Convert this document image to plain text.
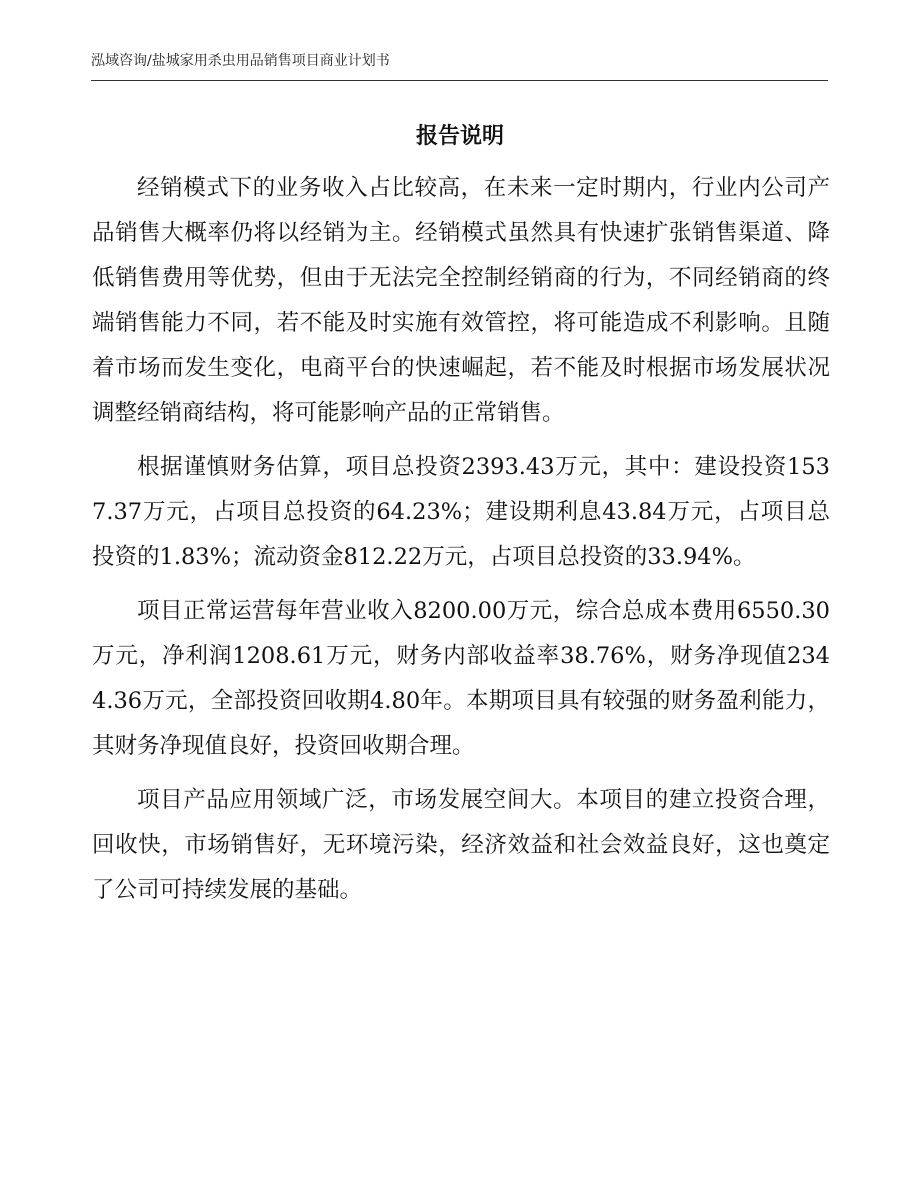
泓域咨询/盐城家用杀虫用品销售项目商业计划书
报告说明

经销模式下的业务收入占比较高，在未来一定时期内，行业内公司产品销售大概率仍将以经销为主。经销模式虽然具有快速扩张销售渠道、降低销售费用等优势，但由于无法完全控制经销商的行为，不同经销商的终端销售能力不同，若不能及时实施有效管控，将可能造成不利影响。且随着市场而发生变化，电商平台的快速崛起，若不能及时根据市场发展状况调整经销商结构，将可能影响产品的正常销售。

根据谨慎财务估算，项目总投资2393.43万元，其中：建设投资1537.37万元，占项目总投资的64.23%；建设期利息43.84万元，占项目总投资的1.83%；流动资金812.22万元，占项目总投资的33.94%。

项目正常运营每年营业收入8200.00万元，综合总成本费用6550.30万元，净利润1208.61万元，财务内部收益率38.76%，财务净现值2344.36万元，全部投资回收期4.80年。本期项目具有较强的财务盈利能力，其财务净现值良好，投资回收期合理。

项目产品应用领域广泛，市场发展空间大。本项目的建立投资合理，回收快，市场销售好，无环境污染，经济效益和社会效益良好，这也奠定了公司可持续发展的基础。
